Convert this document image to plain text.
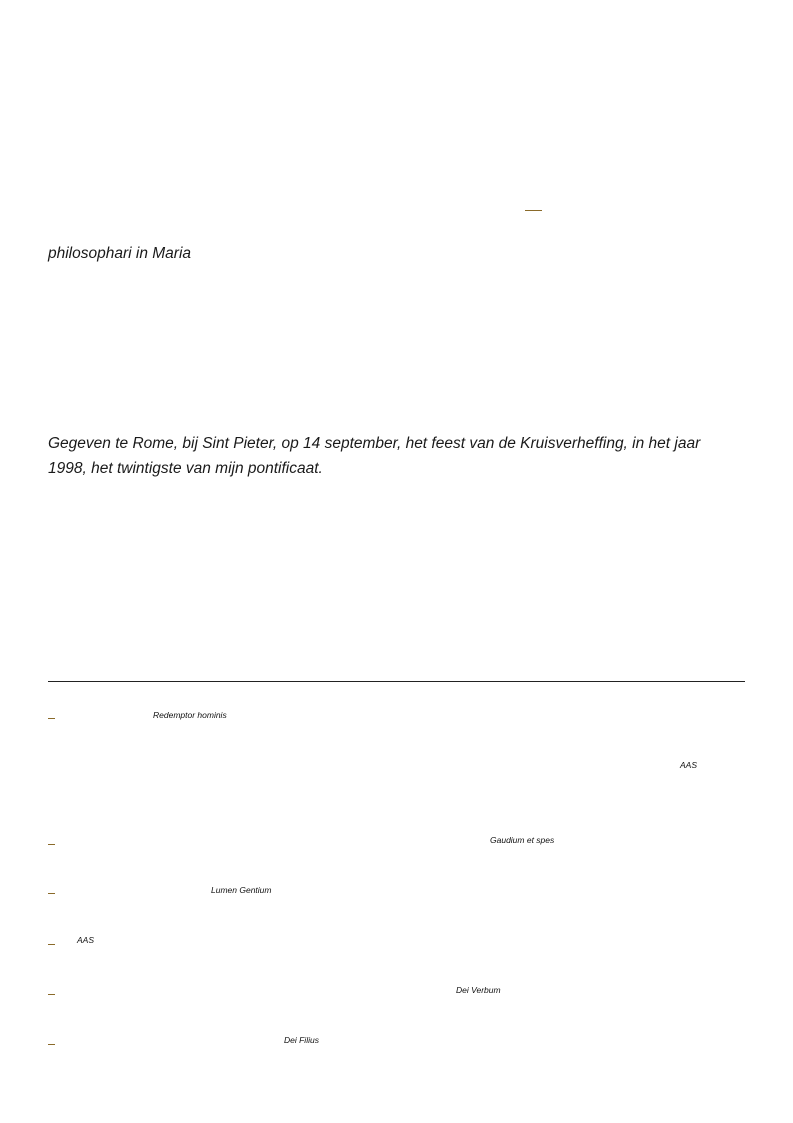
philosophari in Maria
Gegeven te Rome, bij Sint Pieter, op 14 september, het feest van de Kruisverheffing, in het jaar
1998, het twintigste van mijn pontificaat.
Redemptor hominis
AAS
Gaudium et spes
Lumen Gentium
AAS
Dei Verbum
Dei Filius
